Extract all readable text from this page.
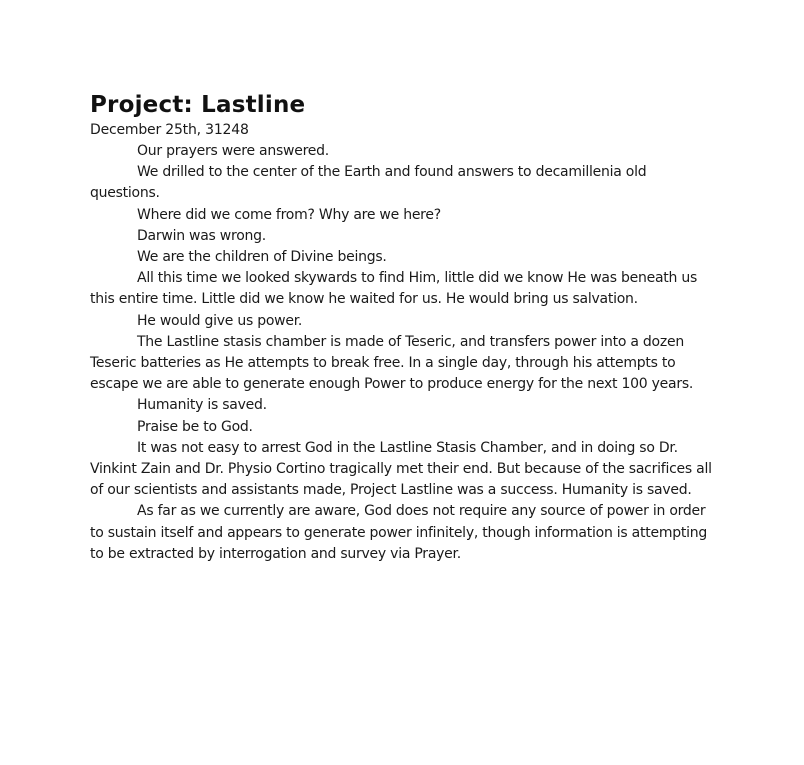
Project: Lastline

December 25th, 31248

Our prayers were answered.

We drilled to the center of the Earth and found answers to decamillenia old questions.

Where did we come from? Why are we here?

Darwin was wrong.

We are the children of Divine beings.

All this time we looked skywards to find Him, little did we know He was beneath us this entire time. Little did we know he waited for us. He would bring us salvation.

He would give us power.

The Lastline stasis chamber is made of Teseric, and transfers power into a dozen Teseric batteries as He attempts to break free. In a single day, through his attempts to escape we are able to generate enough Power to produce energy for the next 100 years.

Humanity is saved.

Praise be to God.

It was not easy to arrest God in the Lastline Stasis Chamber, and in doing so Dr. Vinkint Zain and Dr. Physio Cortino tragically met their end. But because of the sacrifices all of our scientists and assistants made, Project Lastline was a success. Humanity is saved.

As far as we currently are aware, God does not require any source of power in order to sustain itself and appears to generate power infinitely, though information is attempting to be extracted by interrogation and survey via Prayer.
